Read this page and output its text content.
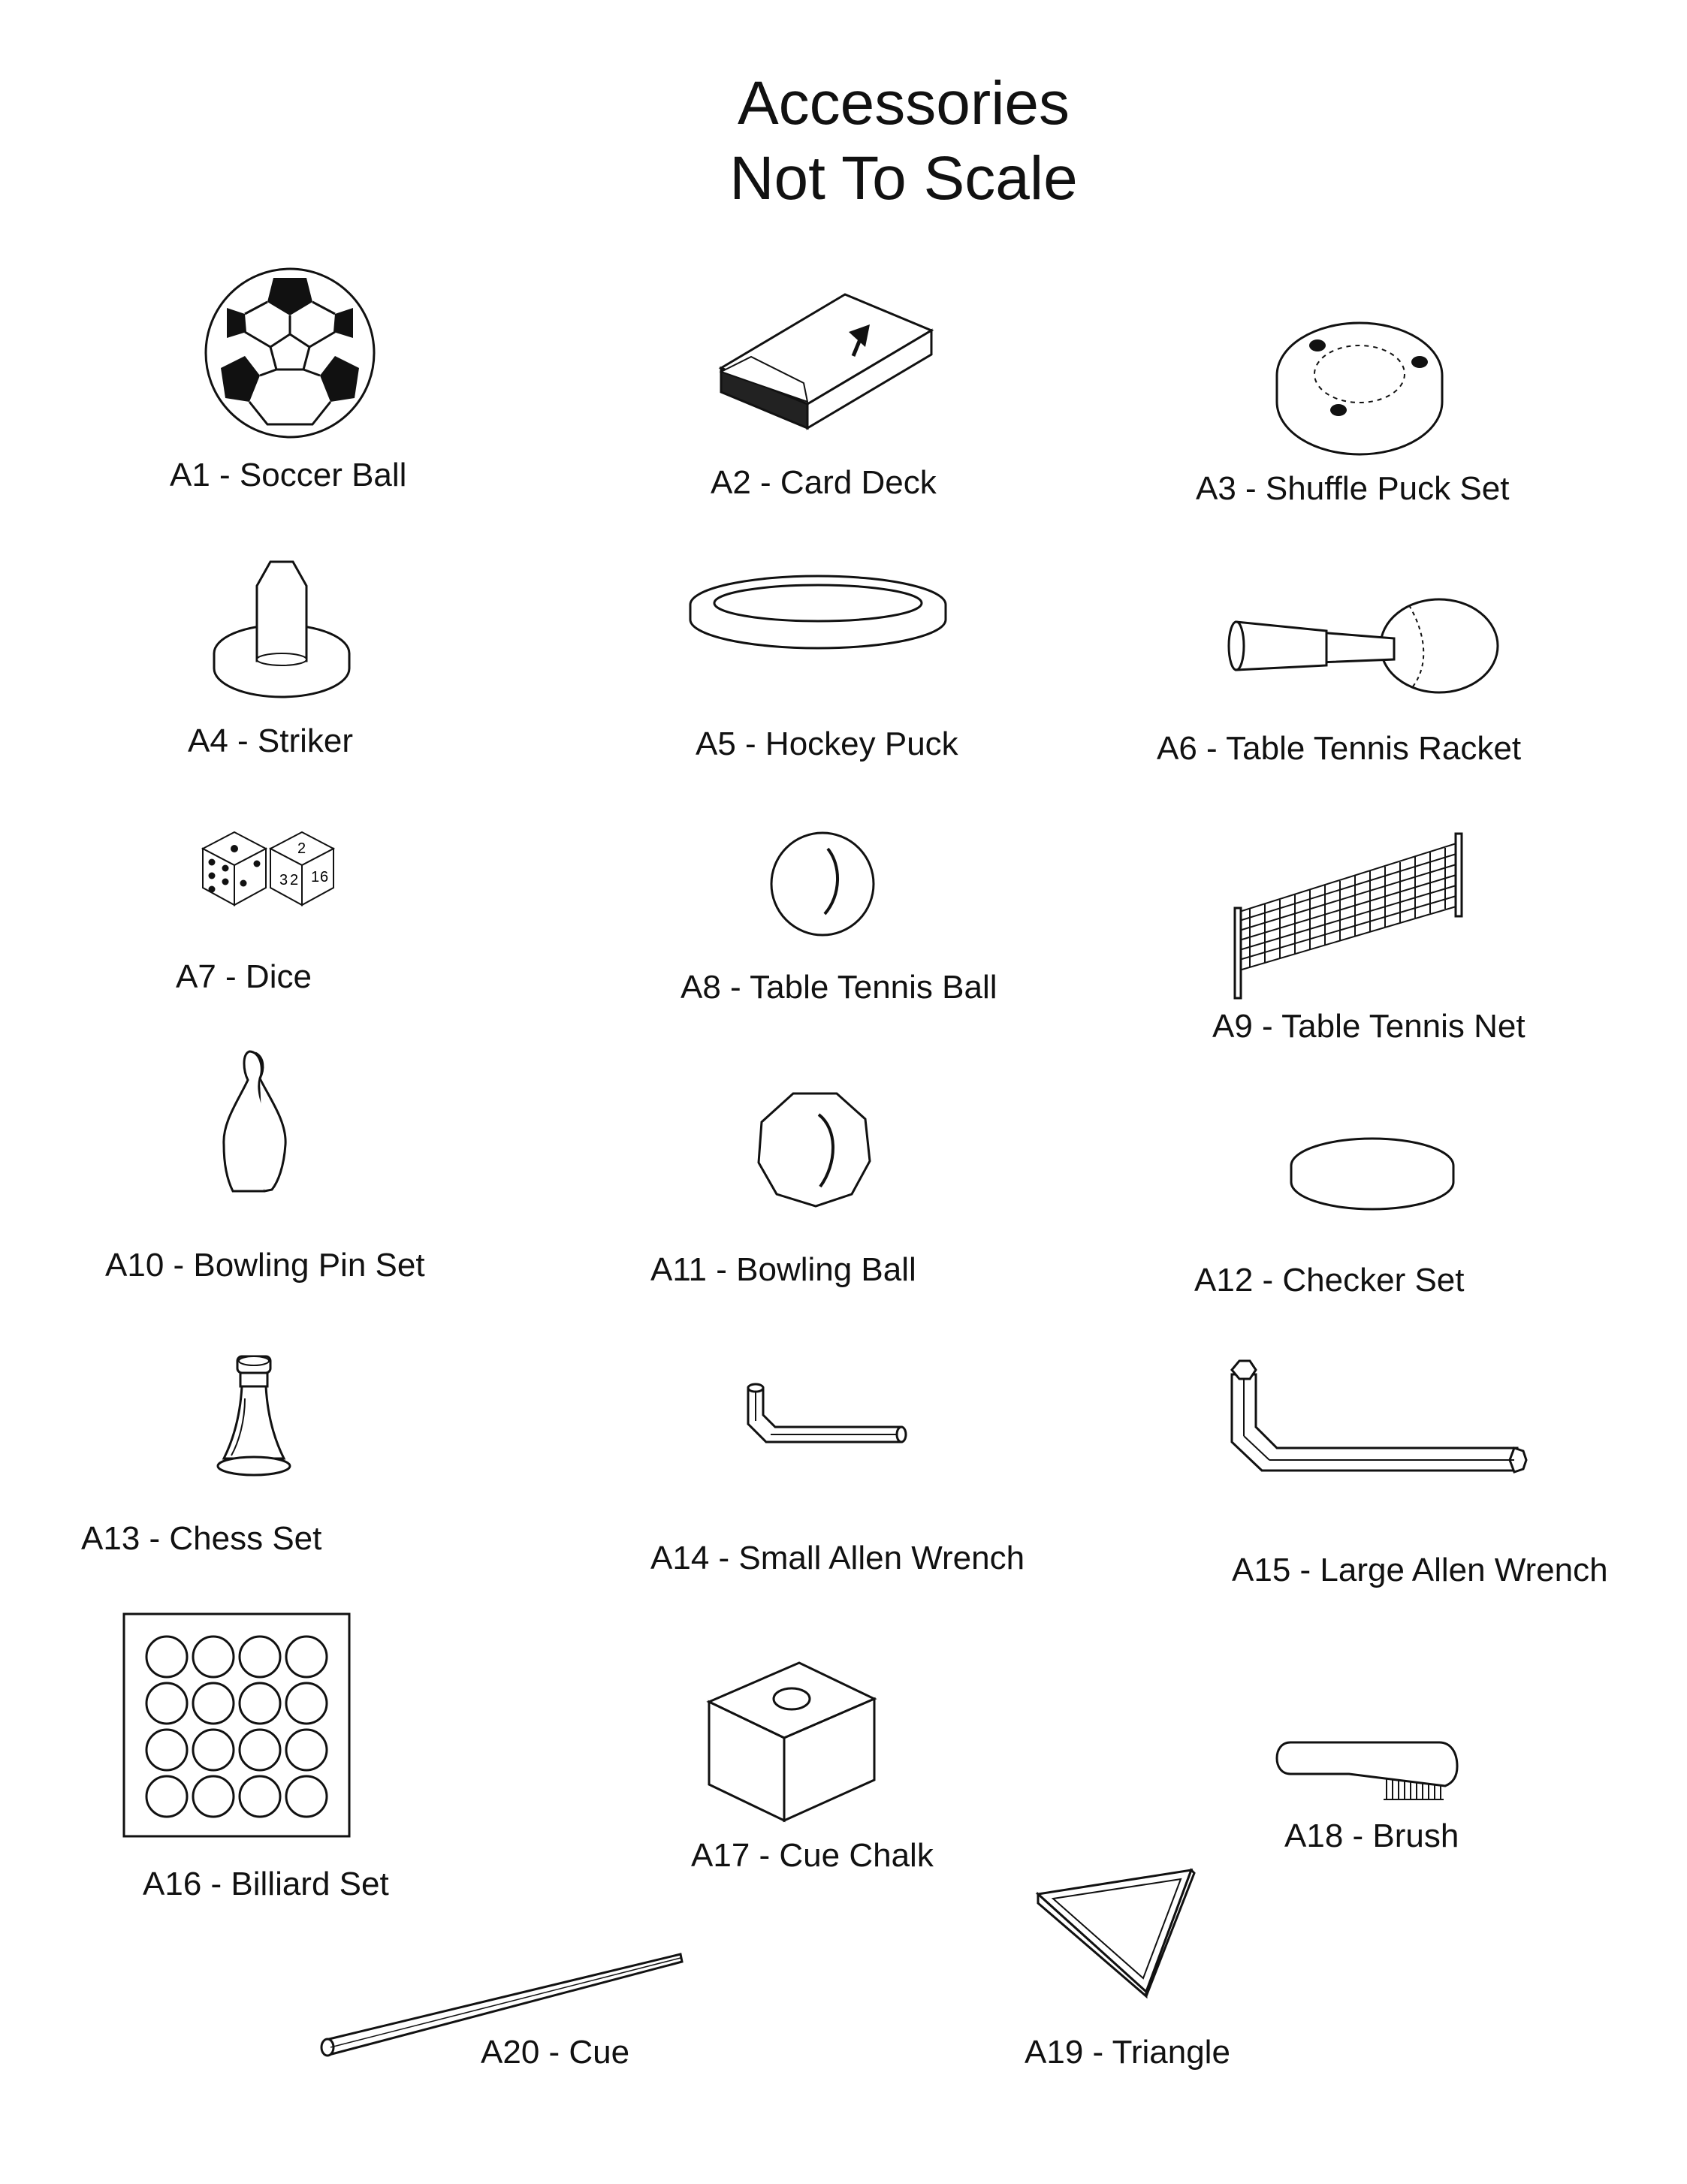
Accessories
Not To Scale
A1 - Soccer Ball	A2 - Card Deck	A3 - Shuffle Puck Set
A4 - Striker	A5 - Hockey Puck	A6 - Table Tennis Racket
2
3 2 1 6
A7 - Dice	A8 - Table Tennis Ball
A9 - Table Tennis Net
A10 - Bowling Pin Set	A11 - Bowling Ball	A12 - Checker Set
A13 - Chess Set
A14 - Small Allen Wrench	A15 - Large Allen Wrench
A16 - Billiard Set
A17 - Cue Chalk
A18 - Brush
A19 - Triangle
A20 - Cue
